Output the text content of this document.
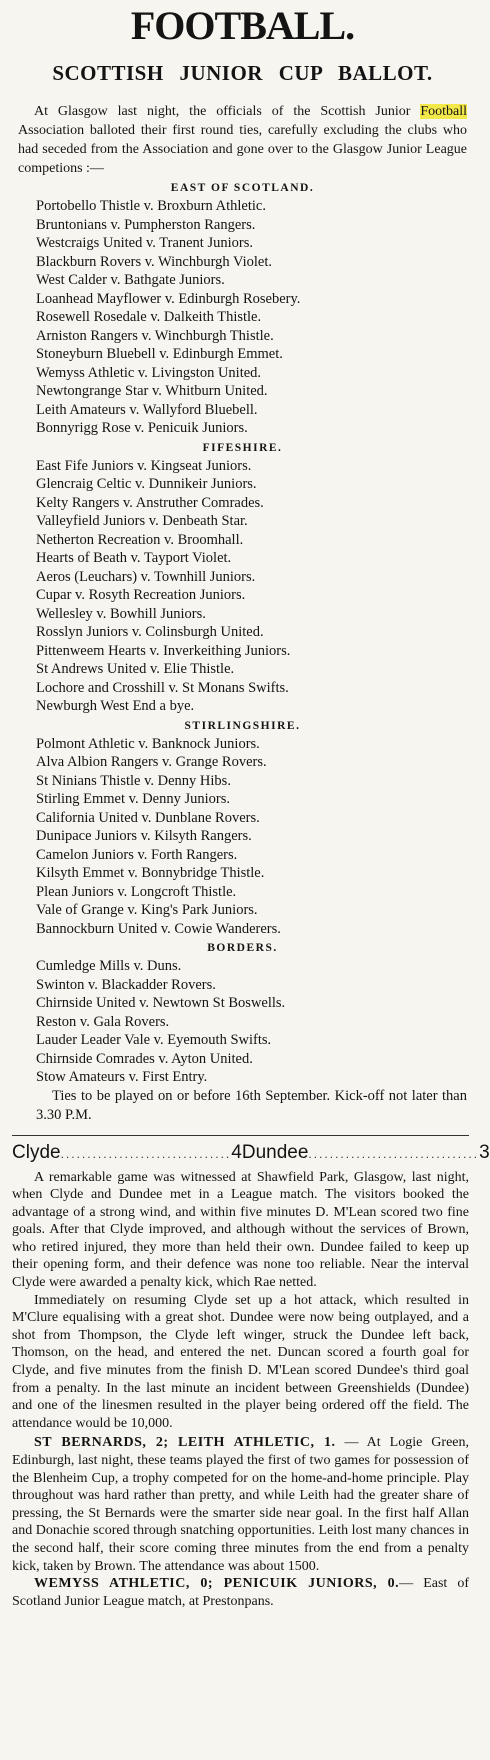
FOOTBALL.
SCOTTISH JUNIOR CUP BALLOT.

At Glasgow last night, the officials of the Scottish Junior Football Association balloted their first round ties, carefully excluding the clubs who had seceded from the Association and gone over to the Glasgow Junior League competions :—

EAST OF SCOTLAND.
Portobello Thistle v. Broxburn Athletic.
Bruntonians v. Pumpherston Rangers.
Westcraigs United v. Tranent Juniors.
Blackburn Rovers v. Winchburgh Violet.
West Calder v. Bathgate Juniors.
Loanhead Mayflower v. Edinburgh Rosebery.
Rosewell Rosedale v. Dalkeith Thistle.
Arniston Rangers v. Winchburgh Thistle.
Stoneyburn Bluebell v. Edinburgh Emmet.
Wemyss Athletic v. Livingston United.
Newtongrange Star v. Whitburn United.
Leith Amateurs v. Wallyford Bluebell.
Bonnyrigg Rose v. Penicuik Juniors.
FIFESHIRE.
East Fife Juniors v. Kingseat Juniors.
Glencraig Celtic v. Dunnikeir Juniors.
Kelty Rangers v. Anstruther Comrades.
Valleyfield Juniors v. Denbeath Star.
Netherton Recreation v. Broomhall.
Hearts of Beath v. Tayport Violet.
Aeros (Leuchars) v. Townhill Juniors.
Cupar v. Rosyth Recreation Juniors.
Wellesley v. Bowhill Juniors.
Rosslyn Juniors v. Colinsburgh United.
Pittenweem Hearts v. Inverkeithing Juniors.
St Andrews United v. Elie Thistle.
Lochore and Crosshill v. St Monans Swifts.
Newburgh West End a bye.
STIRLINGSHIRE.
Polmont Athletic v. Banknock Juniors.
Alva Albion Rangers v. Grange Rovers.
St Ninians Thistle v. Denny Hibs.
Stirling Emmet v. Denny Juniors.
California United v. Dunblane Rovers.
Dunipace Juniors v. Kilsyth Rangers.
Camelon Juniors v. Forth Rangers.
Kilsyth Emmet v. Bonnybridge Thistle.
Plean Juniors v. Longcroft Thistle.
Vale of Grange v. King's Park Juniors.
Bannockburn United v. Cowie Wanderers.
BORDERS.
Cumledge Mills v. Duns.
Swinton v. Blackadder Rovers.
Chirnside United v. Newtown St Boswells.
Reston v. Gala Rovers.
Lauder Leader Vale v. Eyemouth Swifts.
Chirnside Comrades v. Ayton United.
Stow Amateurs v. First Entry.

Ties to be played on or before 16th September. Kick-off not later than 3.30 P.M.

Clyde ................................ 4 Dundee ................................ 3

A remarkable game was witnessed at Shawfield Park, Glasgow, last night, when Clyde and Dundee met in a League match. The visitors booked the advantage of a strong wind, and within five minutes D. M'Lean scored two fine goals. After that Clyde improved, and although without the services of Brown, who retired injured, they more than held their own. Dundee failed to keep up their opening form, and their defence was none too reliable. Near the interval Clyde were awarded a penalty kick, which Rae netted.

Immediately on resuming Clyde set up a hot attack, which resulted in M'Clure equalising with a great shot. Dundee were now being outplayed, and a shot from Thompson, the Clyde left winger, struck the Dundee left back, Thomson, on the head, and entered the net. Duncan scored a fourth goal for Clyde, and five minutes from the finish D. M'Lean scored Dundee's third goal from a penalty. In the last minute an incident between Greenshields (Dundee) and one of the linesmen resulted in the player being ordered off the field. The attendance would be 10,000.

ST BERNARDS, 2; LEITH ATHLETIC, 1. — At Logie Green, Edinburgh, last night, these teams played the first of two games for possession of the Blenheim Cup, a trophy competed for on the home-and-home principle. Play throughout was hard rather than pretty, and while Leith had the greater share of pressing, the St Bernards were the smarter side near goal. In the first half Allan and Donachie scored through snatching opportunities. Leith lost many chances in the second half, their score coming three minutes from the end from a penalty kick, taken by Brown. The attendance was about 1500.

WEMYSS ATHLETIC, 0; PENICUIK JUNIORS, 0.— East of Scotland Junior League match, at Prestonpans.
